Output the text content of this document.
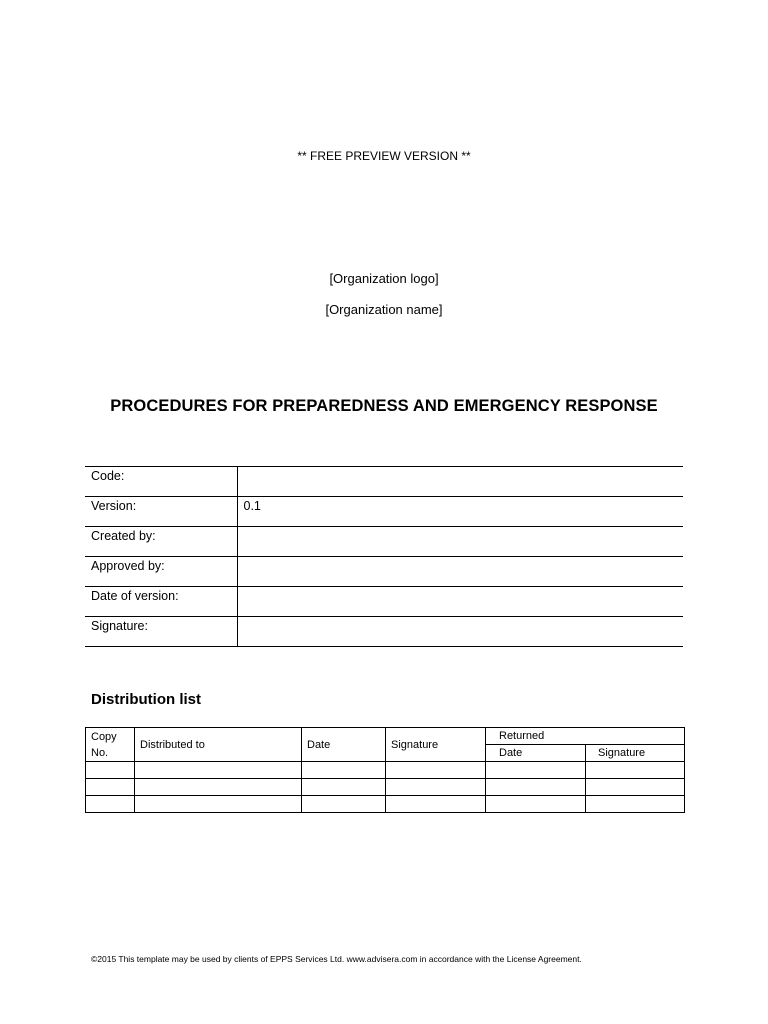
** FREE PREVIEW VERSION **
[Organization logo]
[Organization name]
PROCEDURES FOR PREPAREDNESS AND EMERGENCY RESPONSE
Code:	
Version:	0.1
Created by:	
Approved by:	
Date of version:	
Signature:	
Distribution list
Copy
No.	Distributed to	Date	Signature	Returned	
				Date	Signature

©2015 This template may be used by clients of EPPS Services Ltd. www.advisera.com in accordance with the License Agreement.
